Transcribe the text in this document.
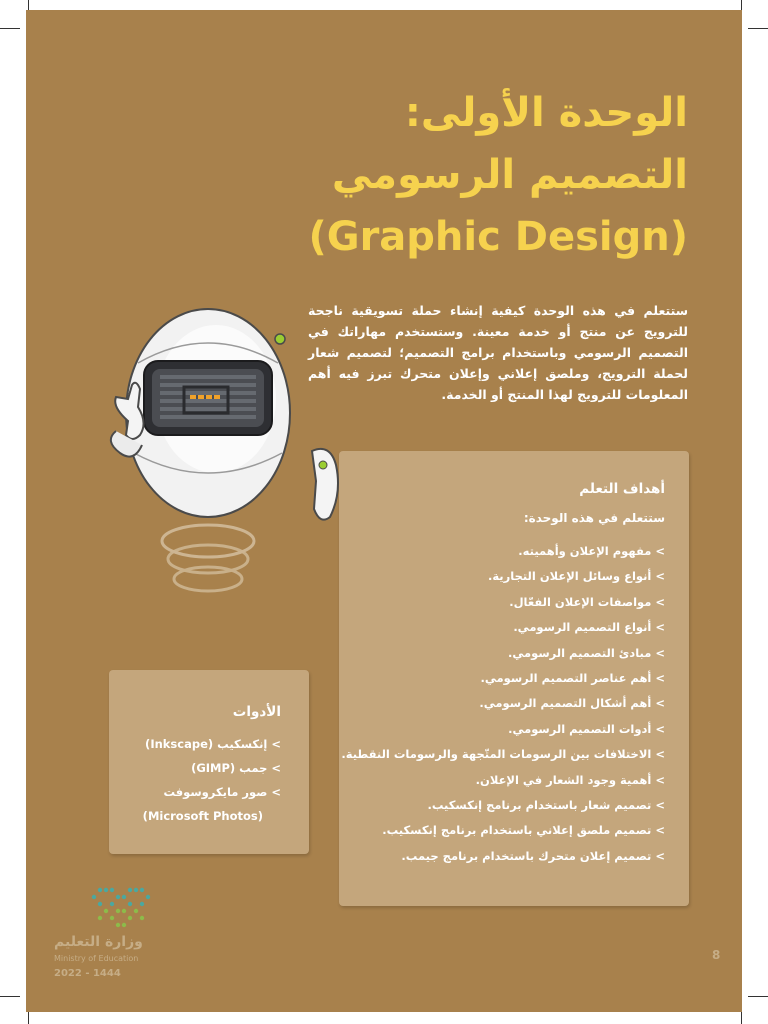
الوحدة الأولى:
التصميم الرسومي
(Graphic Design)
ستتعلم في هذه الوحدة كيفية إنشاء حملة تسويقية ناجحة للترويج عن منتج أو خدمة معينة. وستستخدم مهاراتك في التصميم الرسومي وباستخدام برامج التصميم؛ لتصميم شعار لحملة الترويج، وملصق إعلاني وإعلان متحرك تبرز فيه أهم المعلومات للترويج لهذا المنتج أو الخدمة.
أهداف التعلم
ستتعلم في هذه الوحدة:
>مفهوم الإعلان وأهميته.
>أنواع وسائل الإعلان التجارية.
>مواصفات الإعلان الفعّال.
>أنواع التصميم الرسومي.
>مبادئ التصميم الرسومي.
>أهم عناصر التصميم الرسومي.
>أهم أشكال التصميم الرسومي.
>أدوات التصميم الرسومي.
>الاختلافات بين الرسومات المتّجهة والرسومات النقطية.
>أهمية وجود الشعار في الإعلان.
>تصميم شعار باستخدام برنامج إنكسكيب.
>تصميم ملصق إعلاني باستخدام برنامج إنكسكيب.
>تصميم إعلان متحرك باستخدام برنامج جيمب.
الأدوات
>إنكسكيب (Inkscape)
>جمب (GIMP)
>صور مايكروسوفت
(Microsoft Photos)
وزارة التعليم
Ministry of Education
2022 - 1444
8
